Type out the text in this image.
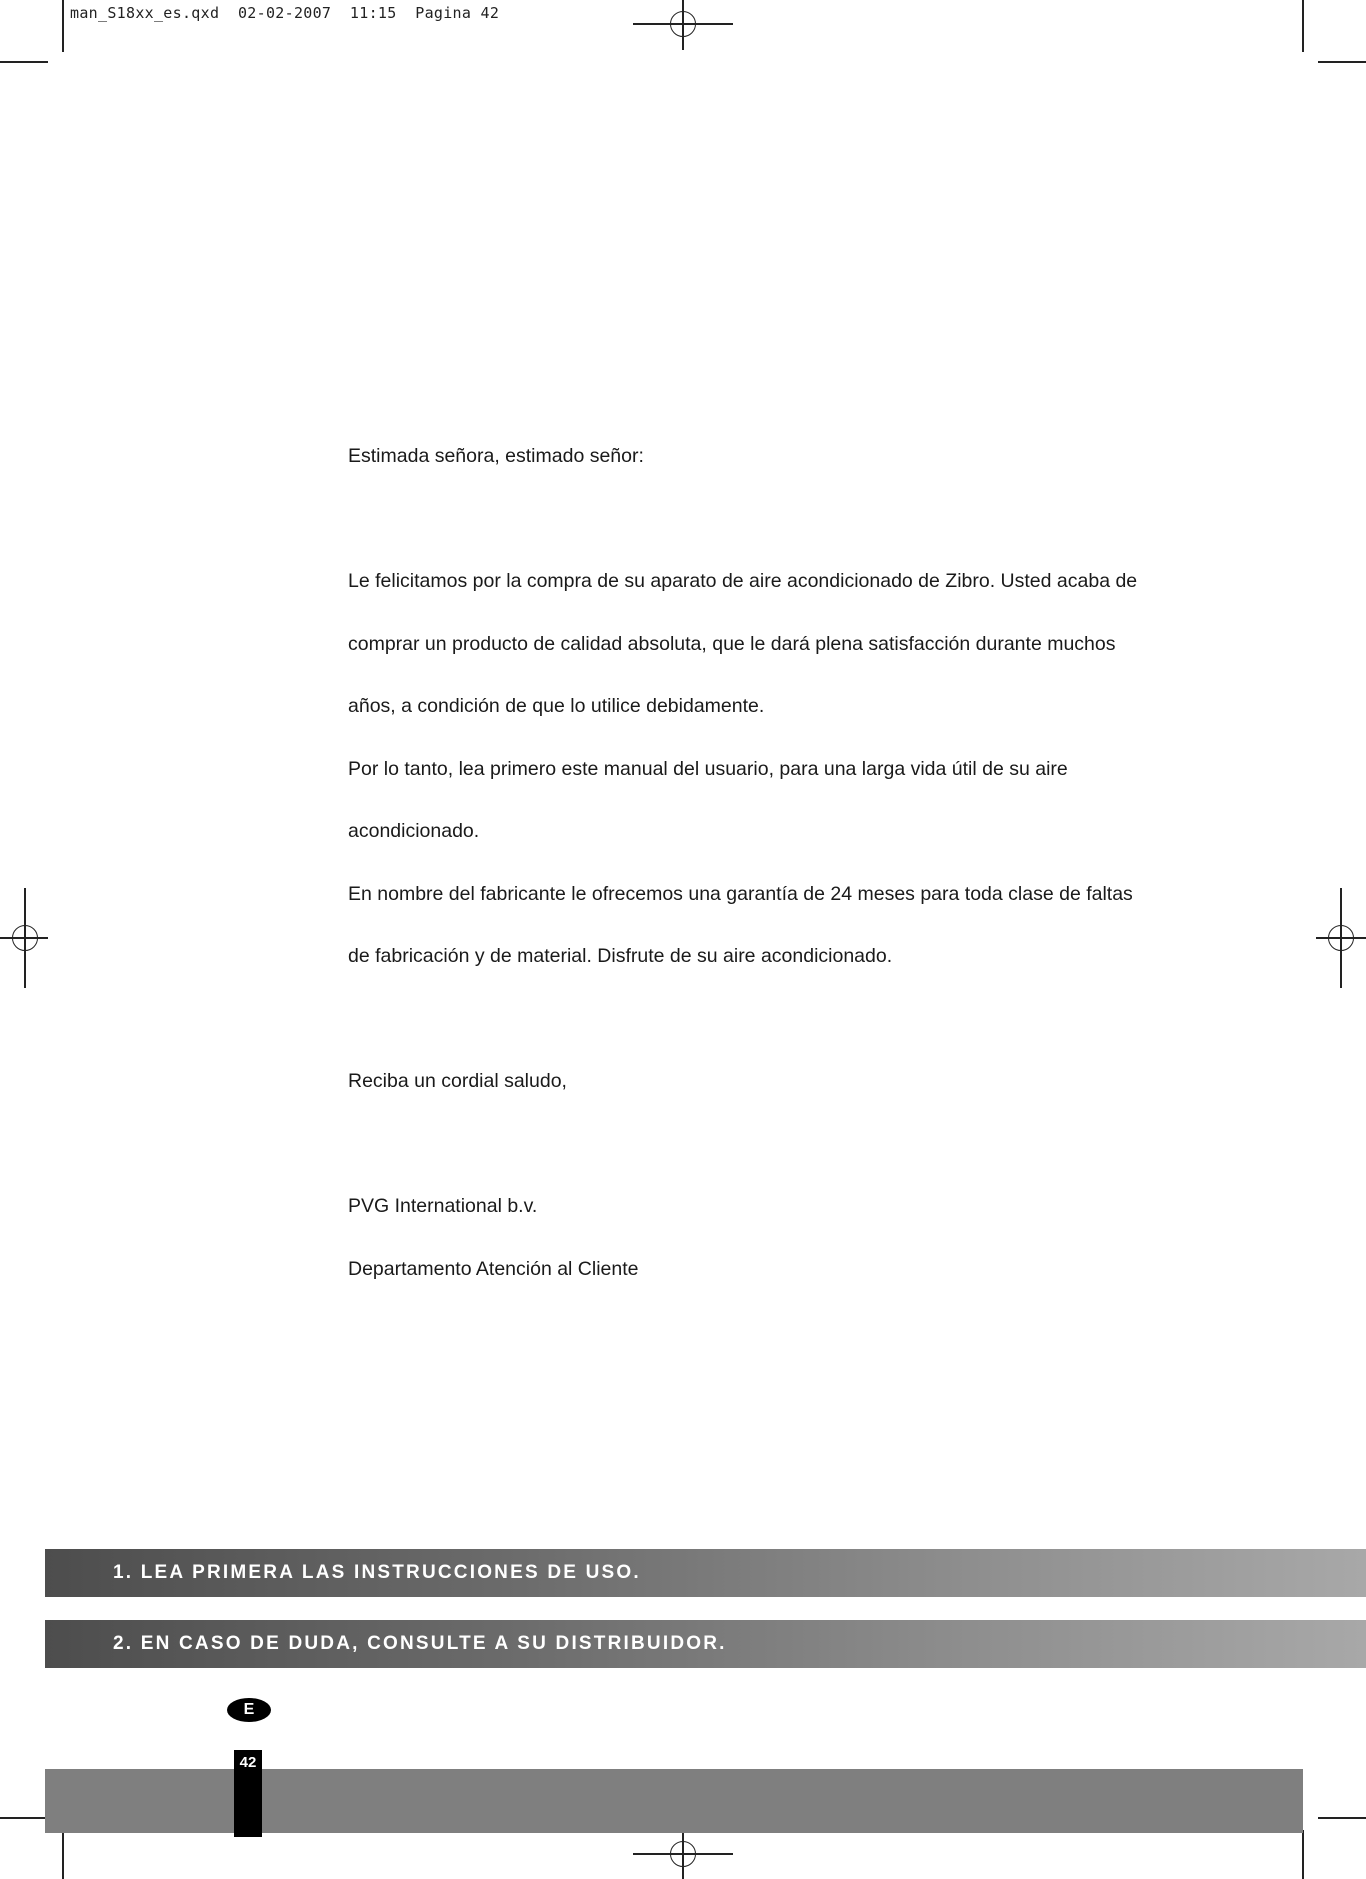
man_S18xx_es.qxd  02-02-2007  11:15  Pagina 42

Estimada señora, estimado señor:

Le felicitamos por la compra de su aparato de aire acondicionado de Zibro. Usted acaba de

comprar un producto de calidad absoluta, que le dará plena satisfacción durante muchos

años, a condición de que lo utilice debidamente.

Por lo tanto, lea primero este manual del usuario, para una larga vida útil de su aire

acondicionado.

En nombre del fabricante le ofrecemos una garantía de 24 meses para toda clase de faltas

de fabricación y de material. Disfrute de su aire acondicionado.

Reciba un cordial saludo,

PVG International b.v.

Departamento Atención al Cliente

1. LEA PRIMERA LAS INSTRUCCIONES DE USO.
2. EN CASO DE DUDA, CONSULTE A SU DISTRIBUIDOR.
E
42
